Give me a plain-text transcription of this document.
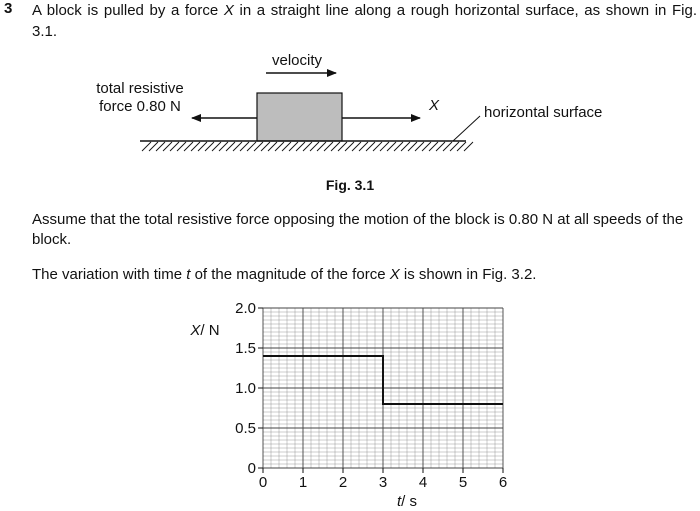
3 A block is pulled by a force X in a straight line along a rough horizontal surface, as shown in Fig. 3.1.
velocity
total resistive
force 0.80 N	X	horizontal surface
Fig. 3.1
Assume that the total resistive force opposing the motion of the block is 0.80 N at all speeds of the block.
The variation with time t of the magnitude of the force X is shown in Fig. 3.2.
0 1 2 3 4 5 6
0
0.5
1.0
1.5
2.0
X/ N
t/ s
